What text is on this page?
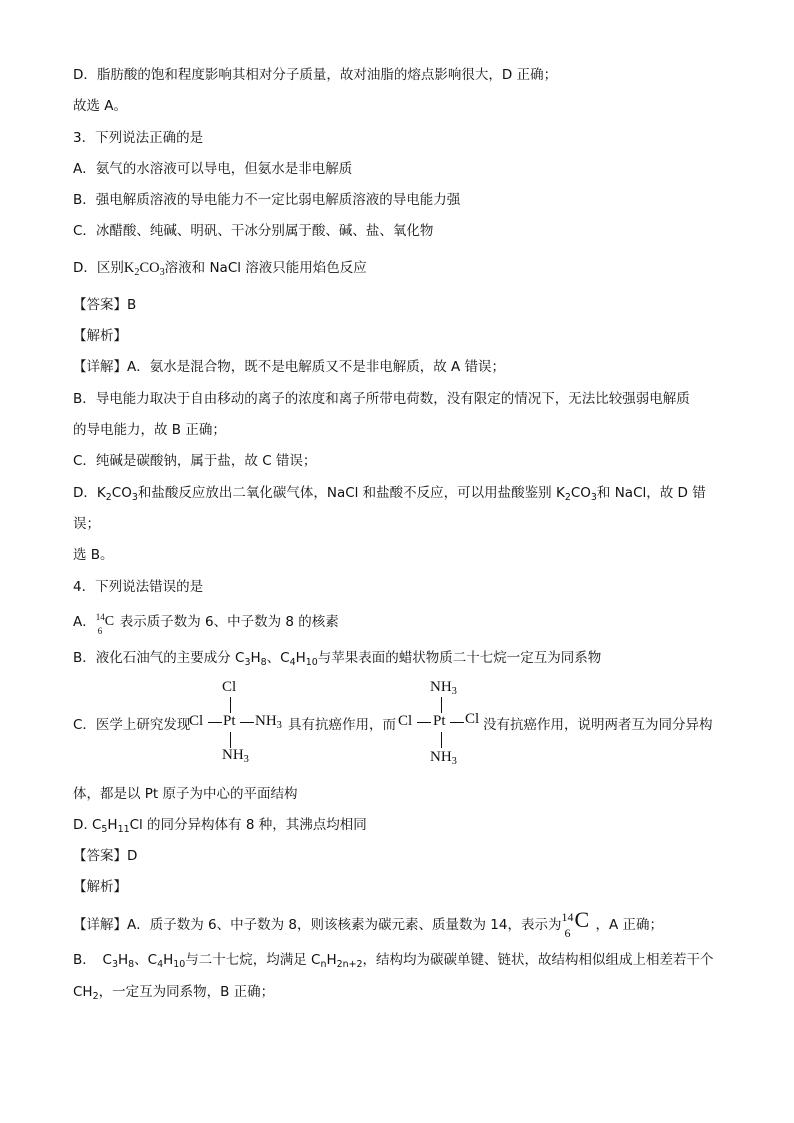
D．脂肪酸的饱和程度影响其相对分子质量，故对油脂的熔点影响很大，D 正确；
故选 A。
3．下列说法正确的是
A．氨气的水溶液可以导电，但氨水是非电解质
B．强电解质溶液的导电能力不一定比弱电解质溶液的导电能力强
C．冰醋酸、纯碱、明矾、干冰分别属于酸、碱、盐、氧化物
D．区别$K_2CO_3$溶液和 NaCl 溶液只能用焰色反应
【答案】B
【解析】
【详解】A．氨水是混合物，既不是电解质又不是非电解质，故 A 错误；
B．导电能力取决于自由移动的离子的浓度和离子所带电荷数，没有限定的情况下，无法比较强弱电解质
的导电能力，故 B 正确；
C．纯碱是碳酸钠，属于盐，故 C 错误；
D．$K_2CO_3$和盐酸反应放出二氧化碳气体，NaCl 和盐酸不反应，可以用盐酸鉴别 $K_2CO_3$和 NaCl，故 D 错
误；
选 B。
4．下列说法错误的是
A． 14
6
C 表示质子数为 6、中子数为 8 的核素
B．液化石油气的主要成分 $C_3H_8$、$C_4H_{10}$与苹果表面的蜡状物质二十七烷一定互为同系物
C．医学上研究发现
Cl
Cl Pt $NH_3$
$NH_3$
具有抗癌作用，而
$NH_3$
Cl Pt Cl
$NH_3$
没有抗癌作用，说明两者互为同分异构
体，都是以 Pt 原子为中心的平面结构
D. $C_5H_{11}Cl$ 的同分异构体有 8 种，其沸点均相同
【答案】D
【解析】
【详解】A．质子数为 6、中子数为 8，则该核素为碳元素、质量数为 14，表示为 14
6
C ，A 正确；
B．　$C_3H_8$、$C_4H_{10}$与二十七烷，均满足 $C_nH_{2n+2}$，结构均为碳碳单键、链状，故结构相似组成上相差若干个
$CH_2$，一定互为同系物，B 正确；
